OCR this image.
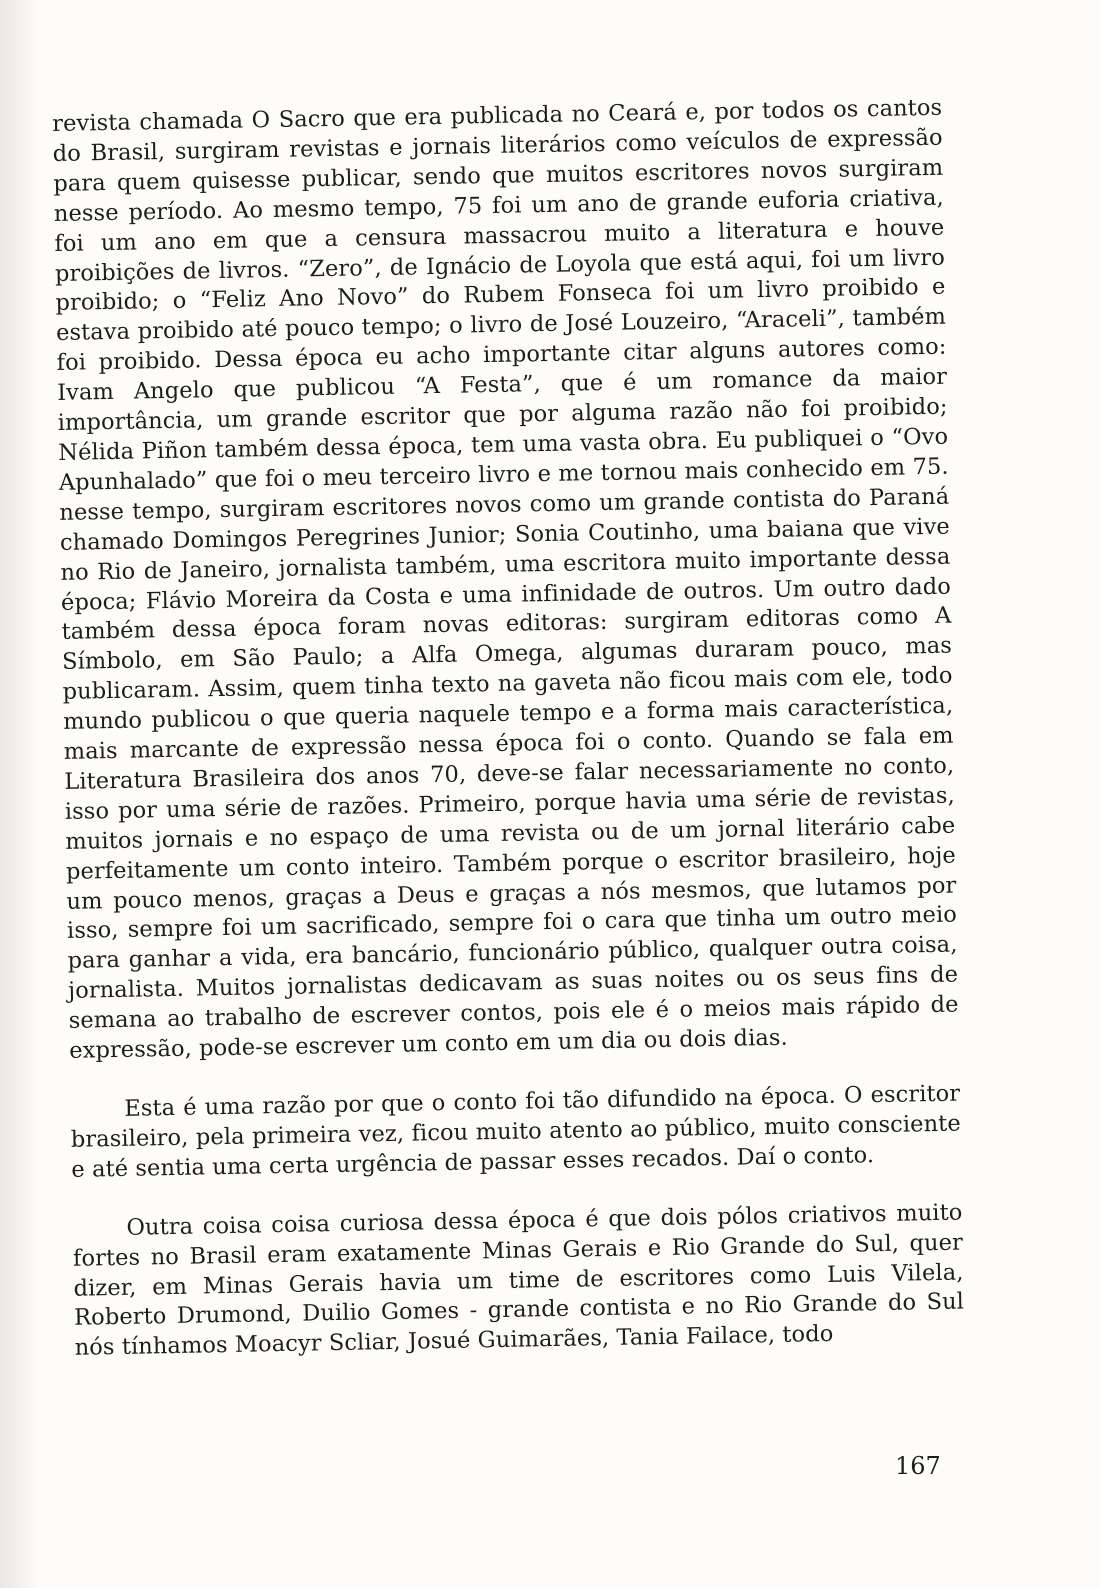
revista chamada O Sacro que era publicada no Ceará e, por todos os cantos do Brasil, surgiram revistas e jornais literários como veículos de expressão para quem quisesse publicar, sendo que muitos escritores novos surgiram nesse período. Ao mesmo tempo, 75 foi um ano de grande euforia criativa, foi um ano em que a censura massacrou muito a literatura e houve proibições de livros. “Zero”, de Ignácio de Loyola que está aqui, foi um livro proibido; o “Feliz Ano Novo” do Rubem Fonseca foi um livro proibido e estava proibido até pouco tempo; o livro de José Louzeiro, “Araceli”, também foi proibido. Dessa época eu acho importante citar alguns autores como: Ivam Angelo que publicou “A Festa”, que é um romance da maior importância, um grande escritor que por alguma razão não foi proibido; Nélida Piñon também dessa época, tem uma vasta obra. Eu publiquei o “Ovo Apunhalado” que foi o meu terceiro livro e me tornou mais conhecido em 75. nesse tempo, surgiram escritores novos como um grande contista do Paraná chamado Domingos Peregrines Junior; Sonia Coutinho, uma baiana que vive no Rio de Janeiro, jornalista também, uma escritora muito importante dessa época; Flávio Moreira da Costa e uma infinidade de outros. Um outro dado também dessa época foram novas editoras: surgiram editoras como A Símbolo, em São Paulo; a Alfa Omega, algumas duraram pouco, mas publicaram. Assim, quem tinha texto na gaveta não ficou mais com ele, todo mundo publicou o que queria naquele tempo e a forma mais característica, mais marcante de expressão nessa época foi o conto. Quando se fala em Literatura Brasileira dos anos 70, deve-se falar necessariamente no conto, isso por uma série de razões. Primeiro, porque havia uma série de revistas, muitos jornais e no espaço de uma revista ou de um jornal literário cabe perfeitamente um conto inteiro. Também porque o escritor brasileiro, hoje um pouco menos, graças a Deus e graças a nós mesmos, que lutamos por isso, sempre foi um sacrificado, sempre foi o cara que tinha um outro meio para ganhar a vida, era bancário, funcionário público, qualquer outra coisa, jornalista. Muitos jornalistas dedicavam as suas noites ou os seus fins de semana ao trabalho de escrever contos, pois ele é o meios mais rápido de expressão, pode-se escrever um conto em um dia ou dois dias.

Esta é uma razão por que o conto foi tão difundido na época. O escritor brasileiro, pela primeira vez, ficou muito atento ao público, muito consciente e até sentia uma certa urgência de passar esses recados. Daí o conto.

Outra coisa coisa curiosa dessa época é que dois pólos criativos muito fortes no Brasil eram exatamente Minas Gerais e Rio Grande do Sul, quer dizer, em Minas Gerais havia um time de escritores como Luis Vilela, Roberto Drumond, Duilio Gomes - grande contista e no Rio Grande do Sul nós tínhamos Moacyr Scliar, Josué Guimarães, Tania Failace, todo

167
